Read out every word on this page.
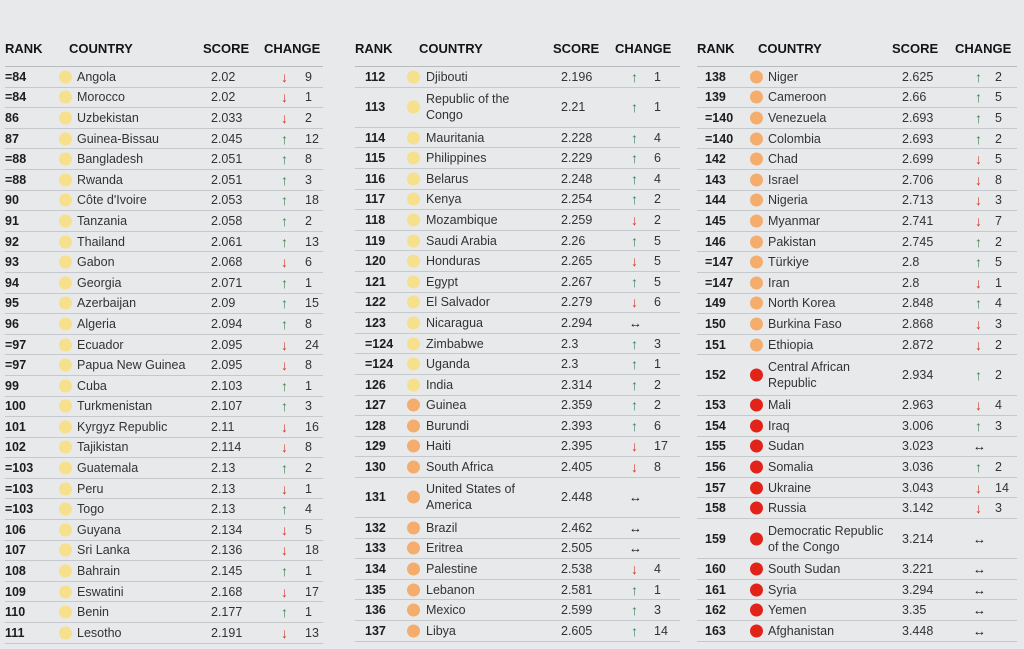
RANK COUNTRY	SCORE CHANGE
=84	Angola	2.02	↓ 9
=84	Morocco	2.02	↓ 1
86	Uzbekistan	2.033	↓ 2
87	Guinea-Bissau	2.045	↑ 12
=88	Bangladesh	2.051	↑ 8
=88	Rwanda	2.051	↑ 3
90	Côte d'Ivoire	2.053	↑ 18
91	Tanzania	2.058	↑ 2
92	Thailand	2.061	↑ 13
93	Gabon	2.068	↓ 6
94	Georgia	2.071	↑ 1
95	Azerbaijan	2.09	↑ 15
96	Algeria	2.094	↑ 8
=97	Ecuador	2.095	↓ 24
=97	Papua New Guinea 2.095	↓ 8
99	Cuba	2.103	↑ 1
100	Turkmenistan	2.107	↑ 3
101	Kyrgyz Republic	2.11	↓ 16
102	Tajikistan	2.114	↓ 8
=103	Guatemala	2.13	↑ 2
=103	Peru	2.13	↓ 1
=103	Togo	2.13	↑ 4
106	Guyana	2.134	↓ 5
107	Sri Lanka	2.136	↓ 18
108	Bahrain	2.145	↑ 1
109	Eswatini	2.168	↓ 17
110	Benin	2.177	↑ 1
111	Lesotho	2.191	↓ 13
RANK COUNTRY	SCORE CHANGE
112	Djibouti	2.196	↑ 1
113
Republic of the
Congo
2.21	↑ 1
114	Mauritania	2.228	↑ 4
115	Philippines	2.229	↑ 6
116	Belarus	2.248	↑ 4
117	Kenya	2.254	↑ 2
118	Mozambique	2.259	↓ 2
119	Saudi Arabia	2.26	↑ 5
120	Honduras	2.265	↓ 5
121	Egypt	2.267	↑ 5
122	El Salvador	2.279	↓ 6
123	Nicaragua	2.294	↔
=124	Zimbabwe	2.3	↑ 3
=124	Uganda	2.3	↑ 1
126	India	2.314	↑ 2
127	Guinea	2.359	↑ 2
128	Burundi	2.393	↑ 6
129	Haiti	2.395	↓ 17
130	South Africa	2.405	↓ 8
131
United States of
America
2.448	↔
132	Brazil	2.462	↔
133	Eritrea	2.505	↔
134	Palestine	2.538	↓ 4
135	Lebanon	2.581	↑ 1
136	Mexico	2.599	↑ 3
137	Libya	2.605	↑ 14
RANK COUNTRY	SCORE CHANGE
138	Niger	2.625	↑ 2
139	Cameroon	2.66	↑ 5
=140	Venezuela	2.693	↑ 5
=140	Colombia	2.693	↑ 2
142	Chad	2.699	↓ 5
143	Israel	2.706	↓ 8
144	Nigeria	2.713	↓ 3
145	Myanmar	2.741	↓ 7
146	Pakistan	2.745	↑ 2
=147	Türkiye	2.8	↑ 5
=147	Iran	2.8	↓ 1
149	North Korea	2.848	↑ 4
150	Burkina Faso	2.868	↓ 3
151	Ethiopia	2.872	↓ 2
152
Central African
Republic
2.934	↑ 2
153	Mali	2.963	↓ 4
154	Iraq	3.006	↑ 3
155	Sudan	3.023	↔
156	Somalia	3.036	↑ 2
157	Ukraine	3.043	↓ 14
158	Russia	3.142	↓ 3
159
Democratic Republic
of the Congo
3.214	↔
160	South Sudan	3.221	↔
161	Syria	3.294	↔
162	Yemen	3.35	↔
163	Afghanistan	3.448	↔
